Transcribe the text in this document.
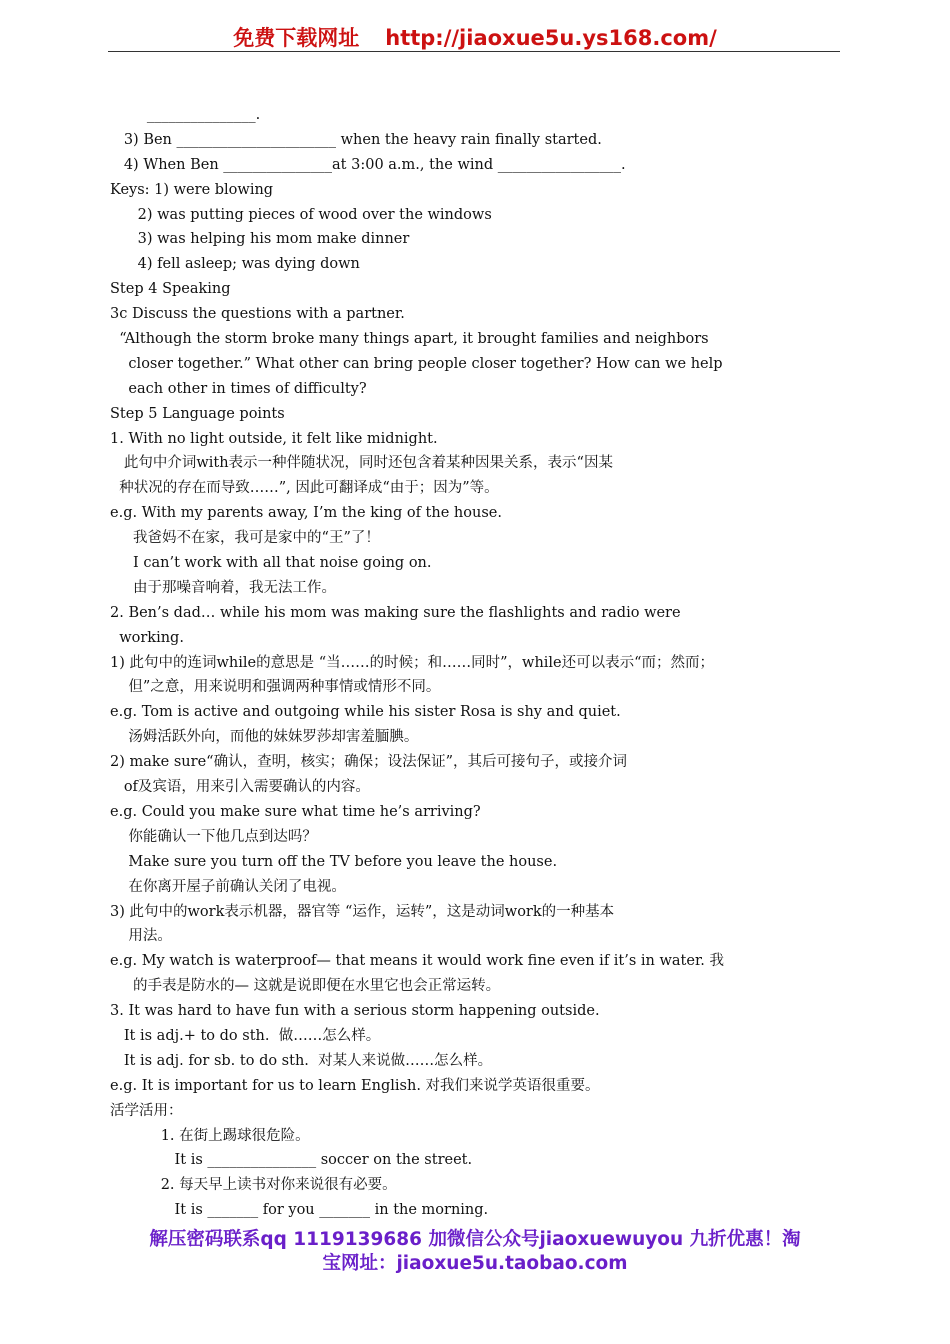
免费下载网址 http://jiaoxue5u.ys168.com/
_______________.
3) Ben ______________________ when the heavy rain finally started.
4) When Ben _______________at 3:00 a.m., the wind _________________.
Keys: 1) were blowing
2) was putting pieces of wood over the windows
3) was helping his mom make dinner
4) fell asleep; was dying down
Step 4 Speaking
3c Discuss the questions with a partner.
“Although the storm broke many things apart, it brought families and neighbors
closer together.” What other can bring people closer together? How can we help
each other in times of difficulty?
Step 5 Language points
1. With no light outside, it felt like midnight.
此句中介词with表示一种伴随状况，同时还包含着某种因果关系，表示“因某
种状况的存在而导致……”, 因此可翻译成“由于；因为”等。
e.g. With my parents away, I’m the king of the house.
我爸妈不在家，我可是家中的“王”了！
I can’t work with all that noise going on.
由于那噪音响着，我无法工作。
2. Ben’s dad… while his mom was making sure the flashlights and radio were
working.
1) 此句中的连词while的意思是 “当……的时候；和……同时”，while还可以表示“而；然而；
但”之意，用来说明和强调两种事情或情形不同。
e.g. Tom is active and outgoing while his sister Rosa is shy and quiet.
汤姆活跃外向，而他的妹妹罗莎却害羞腼腆。
2) make sure“确认，查明，核实；确保；设法保证”，其后可接句子，或接介词
of及宾语，用来引入需要确认的内容。
e.g. Could you make sure what time he’s arriving?
你能确认一下他几点到达吗？
Make sure you turn off the TV before you leave the house.
在你离开屋子前确认关闭了电视。
3) 此句中的work表示机器，器官等 “运作，运转”，这是动词work的一种基本
用法。
e.g. My watch is waterproof— that means it would work fine even if it’s in water. 我
的手表是防水的— 这就是说即便在水里它也会正常运转。
3. It was hard to have fun with a serious storm happening outside.
It is adj.+ to do sth.  做……怎么样。
It is adj. for sb. to do sth.  对某人来说做……怎么样。
e.g. It is important for us to learn English. 对我们来说学英语很重要。
活学活用：
1. 在街上踢球很危险。
It is _______________ soccer on the street.
2. 每天早上读书对你来说很有必要。
It is _______ for you _______ in the morning.
解压密码联系qq 1119139686 加微信公众号jiaoxuewuyou 九折优惠！淘
宝网址：jiaoxue5u.taobao.com
